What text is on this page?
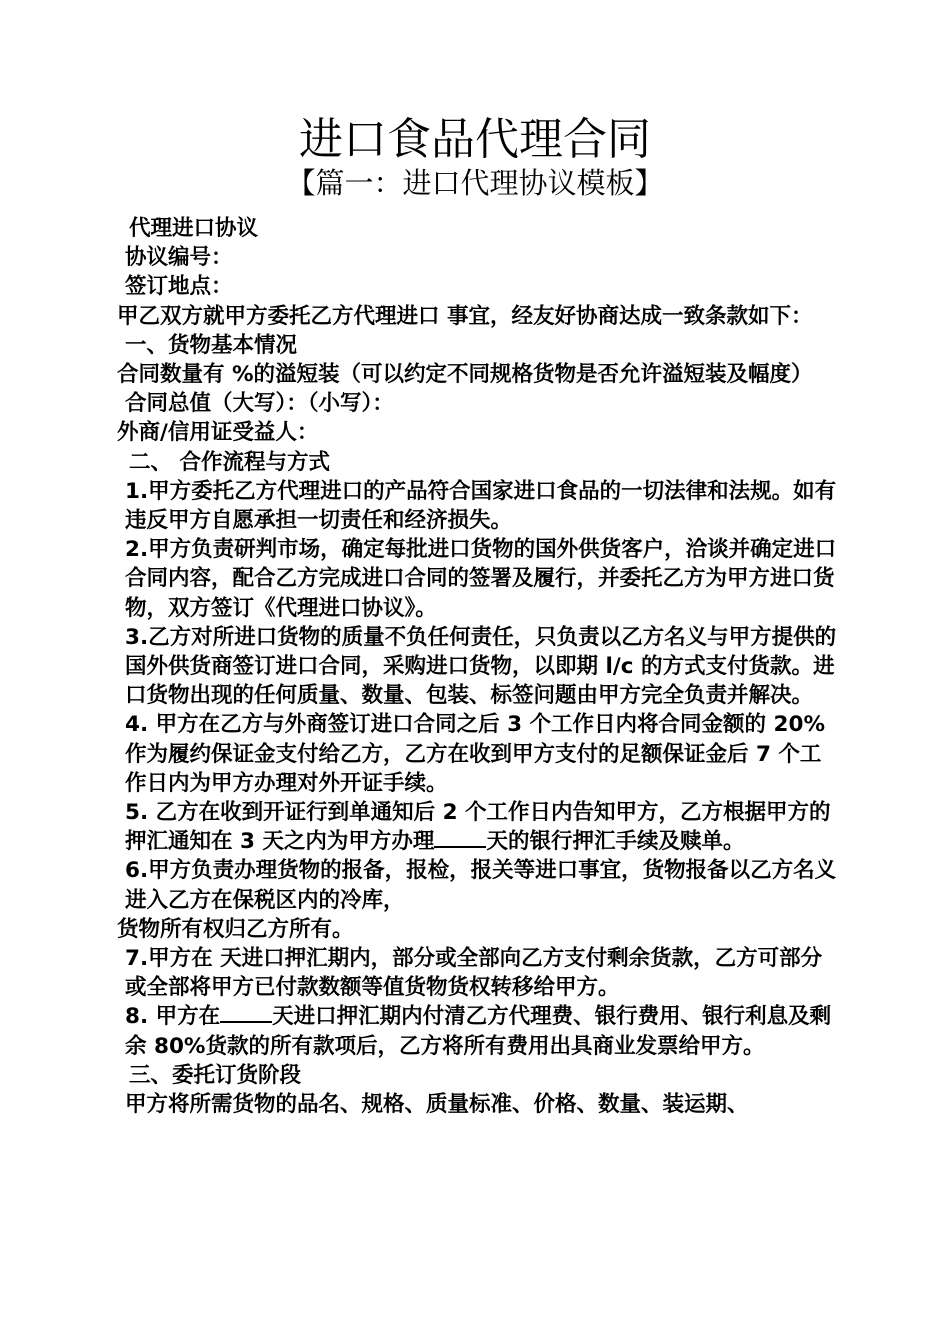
进口食品代理合同
【篇一：进口代理协议模板】

代理进口协议

协议编号：

签订地点：

甲乙双方就甲方委托乙方代理进口 事宜，经友好协商达成一致条款如下：

一、货物基本情况

合同数量有 %的溢短装（可以约定不同规格货物是否允许溢短装及幅度）

合同总值（大写）：（小写）：

外商/信用证受益人：

二、 合作流程与方式

1.甲方委托乙方代理进口的产品符合国家进口食品的一切法律和法规。如有违反甲方自愿承担一切责任和经济损失。

2.甲方负责研判市场，确定每批进口货物的国外供货客户，洽谈并确定进口合同内容，配合乙方完成进口合同的签署及履行，并委托乙方为甲方进口货物，双方签订《代理进口协议》。

3.乙方对所进口货物的质量不负任何责任，只负责以乙方名义与甲方提供的国外供货商签订进口合同，采购进口货物，以即期 l/c 的方式支付货款。进口货物出现的任何质量、数量、包装、标签问题由甲方完全负责并解决。

4. 甲方在乙方与外商签订进口合同之后 3 个工作日内将合同金额的 20%作为履约保证金支付给乙方，乙方在收到甲方支付的足额保证金后 7 个工作日内为甲方办理对外开证手续。

5. 乙方在收到开证行到单通知后 2 个工作日内告知甲方，乙方根据甲方的押汇通知在 3 天之内为甲方办理 天的银行押汇手续及赎单。

6.甲方负责办理货物的报备，报检，报关等进口事宜，货物报备以乙方名义进入乙方在保税区内的冷库，

货物所有权归乙方所有。

7.甲方在 天进口押汇期内，部分或全部向乙方支付剩余货款，乙方可部分或全部将甲方已付款数额等值货物货权转移给甲方。

8. 甲方在 天进口押汇期内付清乙方代理费、银行费用、银行利息及剩余 80%货款的所有款项后，乙方将所有费用出具商业发票给甲方。

三、委托订货阶段

甲方将所需货物的品名、规格、质量标准、价格、数量、装运期、
